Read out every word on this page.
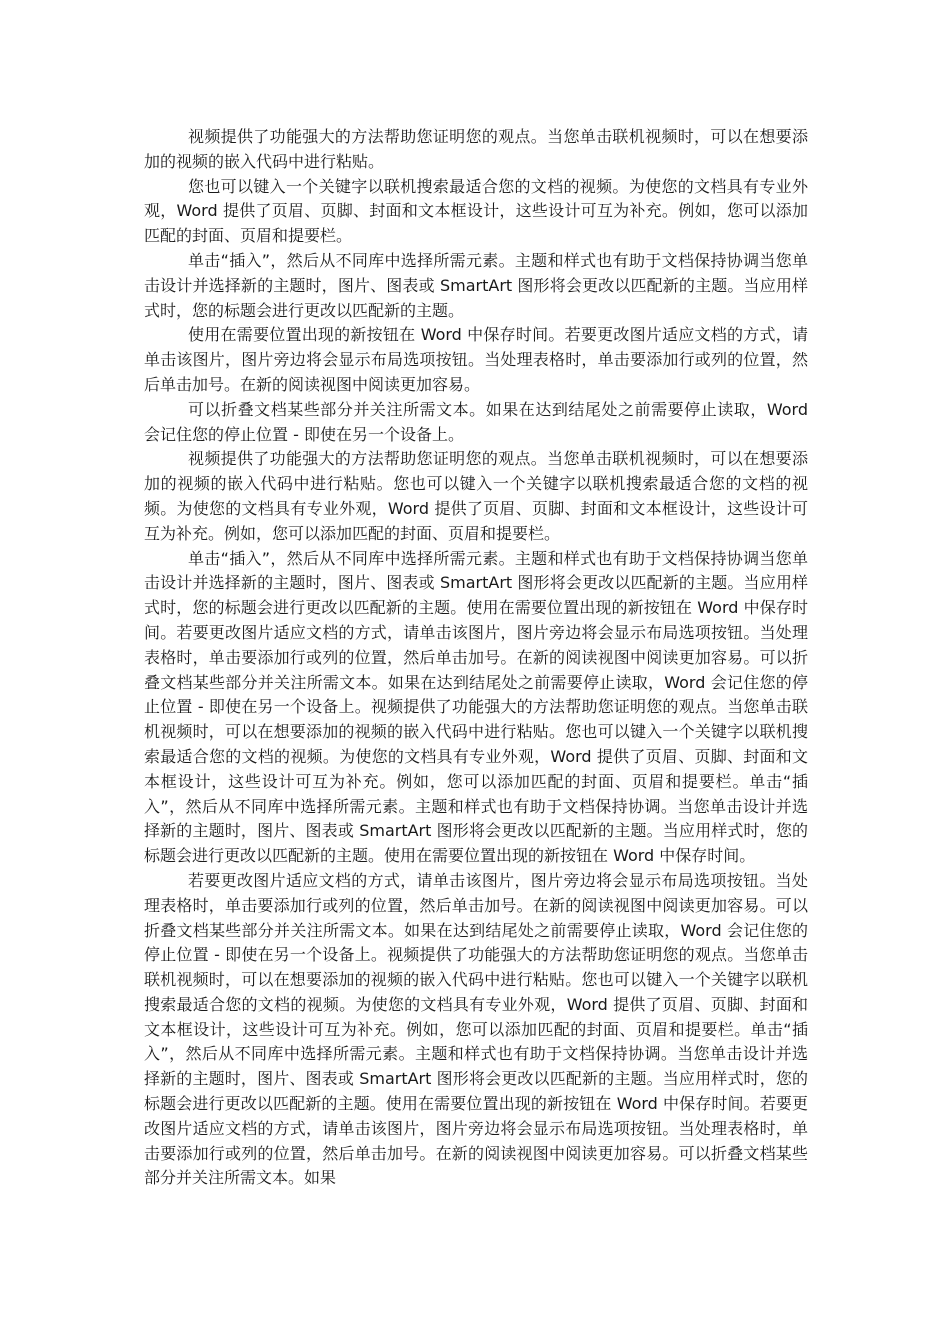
视频提供了功能强大的方法帮助您证明您的观点。当您单击联机视频时，可以在想要添加的视频的嵌入代码中进行粘贴。

您也可以键入一个关键字以联机搜索最适合您的文档的视频。为使您的文档具有专业外观，Word 提供了页眉、页脚、封面和文本框设计，这些设计可互为补充。例如，您可以添加匹配的封面、页眉和提要栏。

单击“插入”，然后从不同库中选择所需元素。主题和样式也有助于文档保持协调当您单击设计并选择新的主题时，图片、图表或 SmartArt 图形将会更改以匹配新的主题。当应用样式时，您的标题会进行更改以匹配新的主题。

使用在需要位置出现的新按钮在 Word 中保存时间。若要更改图片适应文档的方式，请单击该图片，图片旁边将会显示布局选项按钮。当处理表格时，单击要添加行或列的位置，然后单击加号。在新的阅读视图中阅读更加容易。

可以折叠文档某些部分并关注所需文本。如果在达到结尾处之前需要停止读取，Word 会记住您的停止位置 - 即使在另一个设备上。

视频提供了功能强大的方法帮助您证明您的观点。当您单击联机视频时，可以在想要添加的视频的嵌入代码中进行粘贴。您也可以键入一个关键字以联机搜索最适合您的文档的视频。为使您的文档具有专业外观，Word 提供了页眉、页脚、封面和文本框设计，这些设计可互为补充。例如，您可以添加匹配的封面、页眉和提要栏。

单击“插入”，然后从不同库中选择所需元素。主题和样式也有助于文档保持协调当您单击设计并选择新的主题时，图片、图表或 SmartArt 图形将会更改以匹配新的主题。当应用样式时，您的标题会进行更改以匹配新的主题。使用在需要位置出现的新按钮在 Word 中保存时间。若要更改图片适应文档的方式，请单击该图片，图片旁边将会显示布局选项按钮。当处理表格时，单击要添加行或列的位置，然后单击加号。在新的阅读视图中阅读更加容易。可以折叠文档某些部分并关注所需文本。如果在达到结尾处之前需要停止读取，Word 会记住您的停止位置 - 即使在另一个设备上。视频提供了功能强大的方法帮助您证明您的观点。当您单击联机视频时，可以在想要添加的视频的嵌入代码中进行粘贴。您也可以键入一个关键字以联机搜索最适合您的文档的视频。为使您的文档具有专业外观，Word 提供了页眉、页脚、封面和文本框设计，这些设计可互为补充。例如，您可以添加匹配的封面、页眉和提要栏。单击“插入”，然后从不同库中选择所需元素。主题和样式也有助于文档保持协调。当您单击设计并选择新的主题时，图片、图表或 SmartArt 图形将会更改以匹配新的主题。当应用样式时，您的标题会进行更改以匹配新的主题。使用在需要位置出现的新按钮在 Word 中保存时间。

若要更改图片适应文档的方式，请单击该图片，图片旁边将会显示布局选项按钮。当处理表格时，单击要添加行或列的位置，然后单击加号。在新的阅读视图中阅读更加容易。可以折叠文档某些部分并关注所需文本。如果在达到结尾处之前需要停止读取，Word 会记住您的停止位置 - 即使在另一个设备上。视频提供了功能强大的方法帮助您证明您的观点。当您单击联机视频时，可以在想要添加的视频的嵌入代码中进行粘贴。您也可以键入一个关键字以联机搜索最适合您的文档的视频。为使您的文档具有专业外观，Word 提供了页眉、页脚、封面和文本框设计，这些设计可互为补充。例如，您可以添加匹配的封面、页眉和提要栏。单击“插入”，然后从不同库中选择所需元素。主题和样式也有助于文档保持协调。当您单击设计并选择新的主题时，图片、图表或 SmartArt 图形将会更改以匹配新的主题。当应用样式时，您的标题会进行更改以匹配新的主题。使用在需要位置出现的新按钮在 Word 中保存时间。若要更改图片适应文档的方式，请单击该图片，图片旁边将会显示布局选项按钮。当处理表格时，单击要添加行或列的位置，然后单击加号。在新的阅读视图中阅读更加容易。可以折叠文档某些部分并关注所需文本。如果
